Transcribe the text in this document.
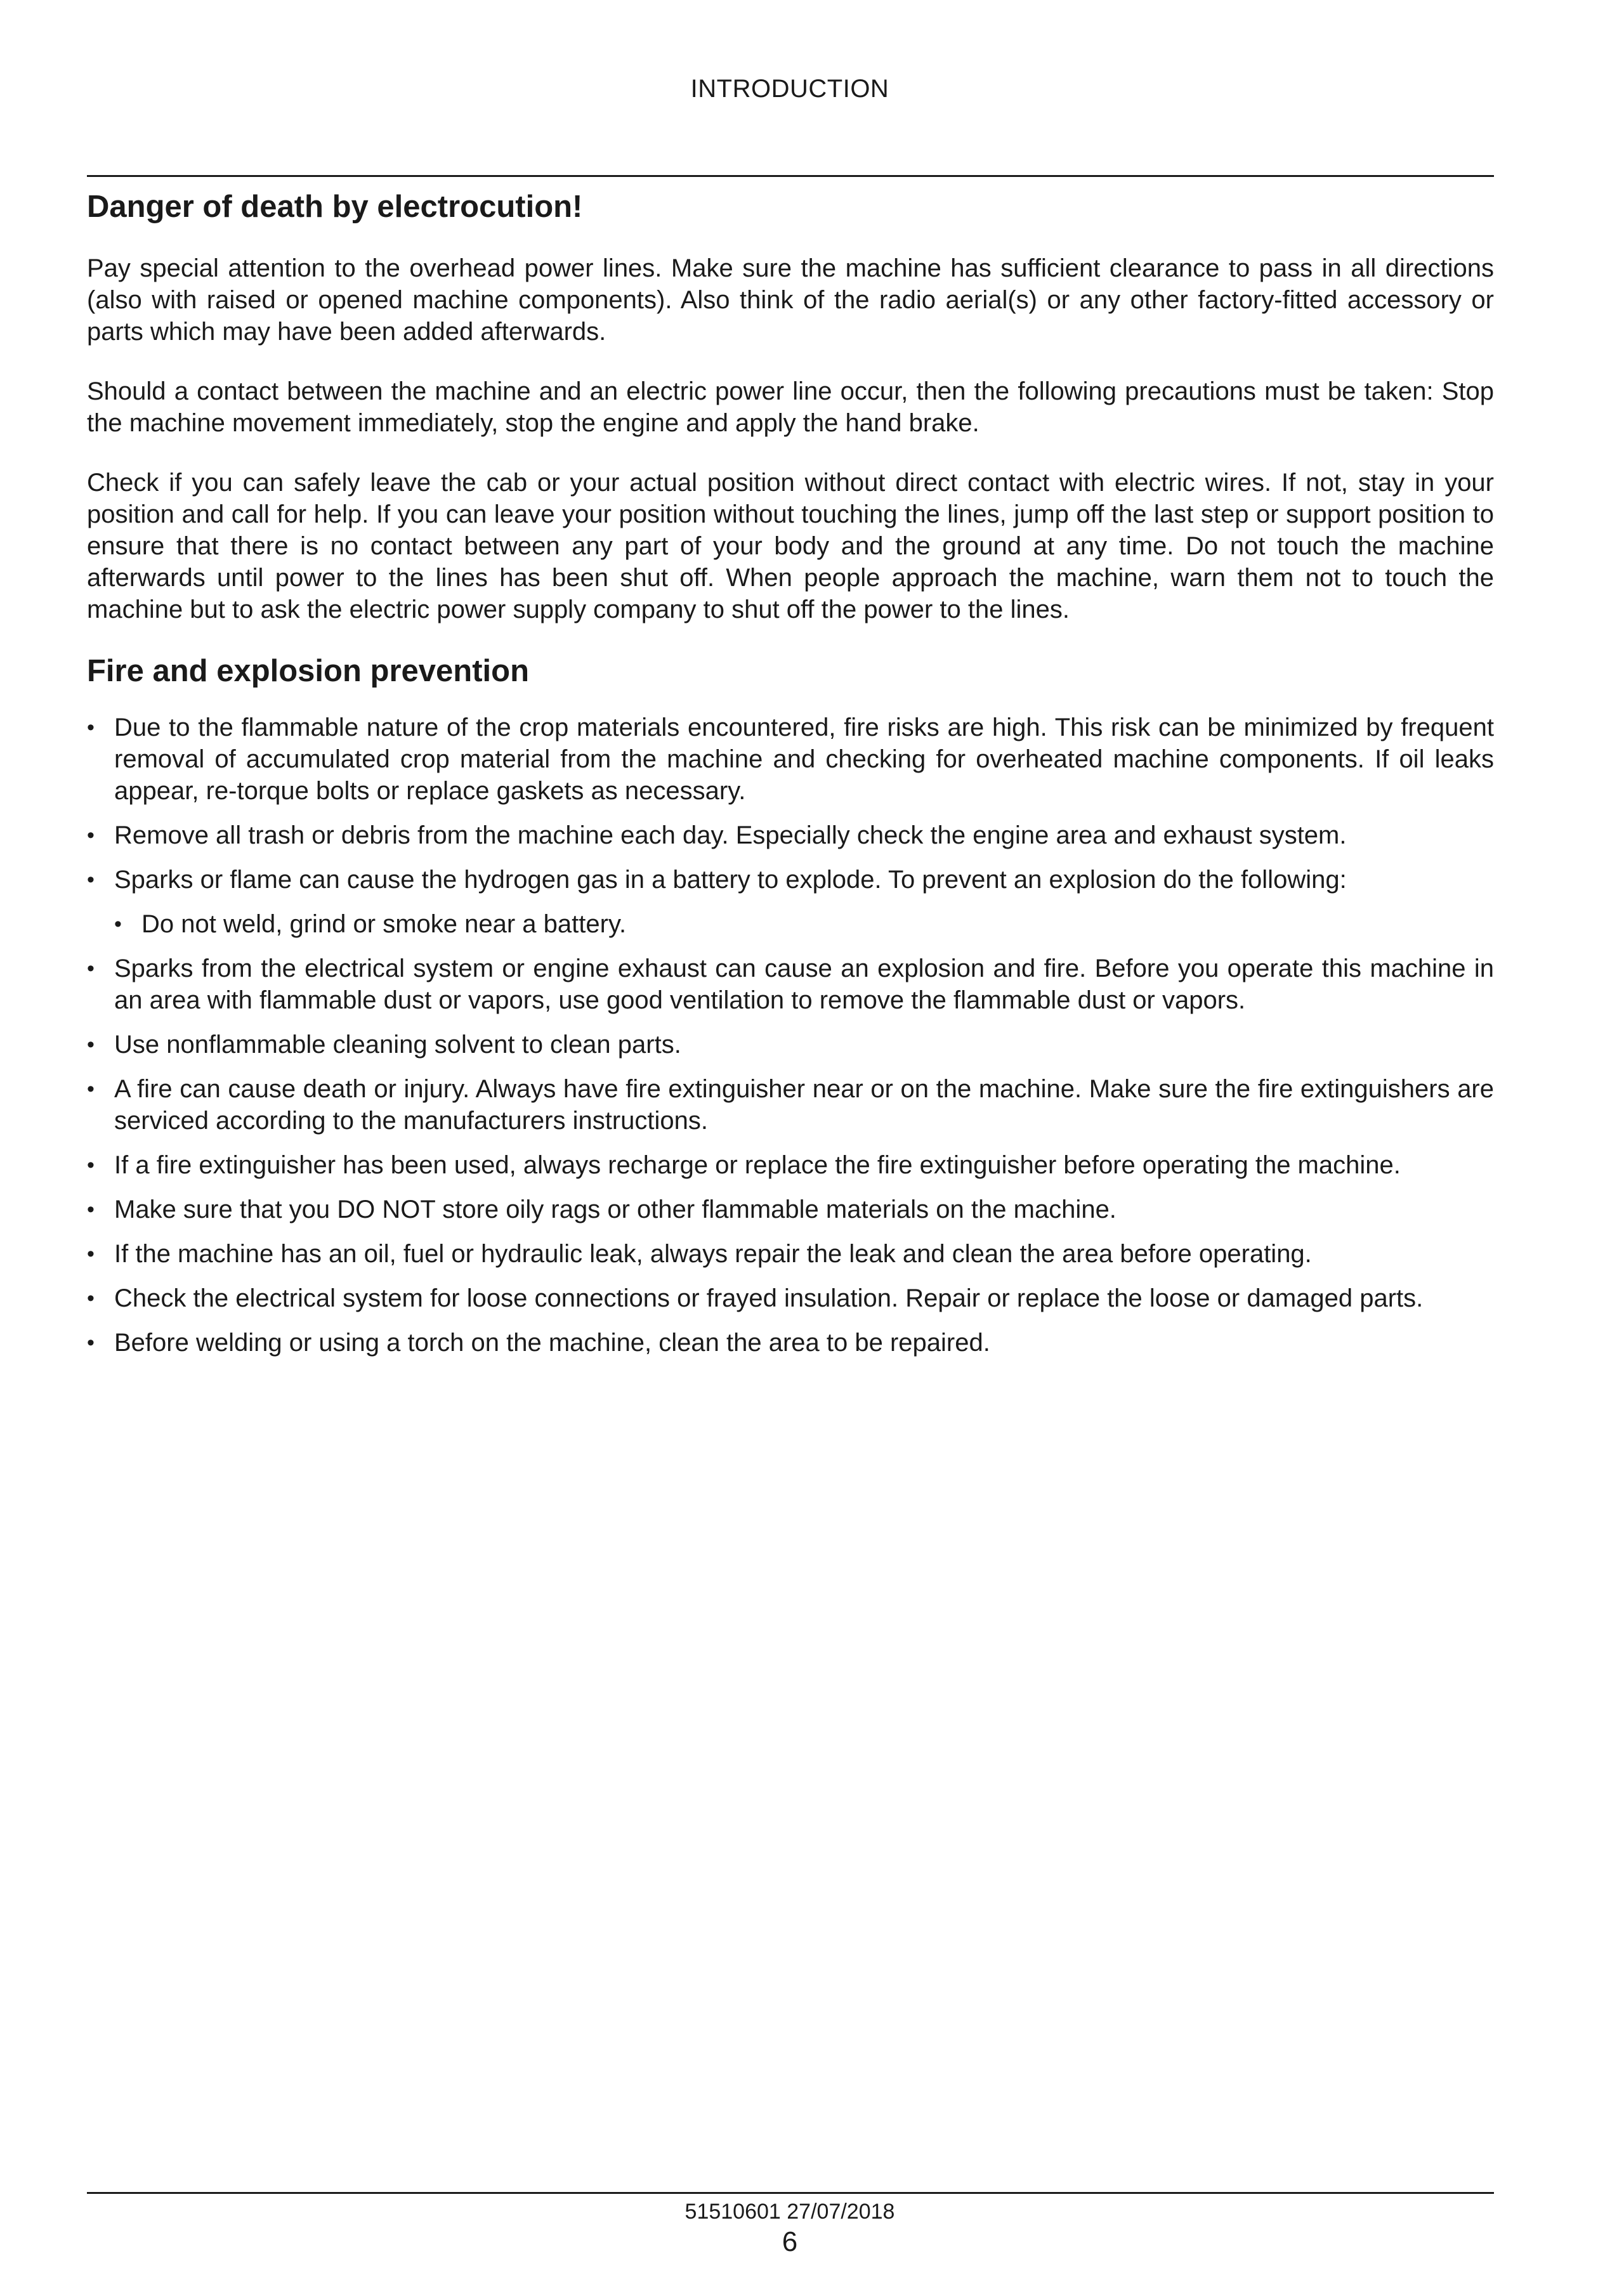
INTRODUCTION
Danger of death by electrocution!

Pay special attention to the overhead power lines. Make sure the machine has sufficient clearance to pass in all directions (also with raised or opened machine components). Also think of the radio aerial(s) or any other factory-fitted accessory or parts which may have been added afterwards.

Should a contact between the machine and an electric power line occur, then the following precautions must be taken: Stop the machine movement immediately, stop the engine and apply the hand brake.

Check if you can safely leave the cab or your actual position without direct contact with electric wires. If not, stay in your position and call for help. If you can leave your position without touching the lines, jump off the last step or support position to ensure that there is no contact between any part of your body and the ground at any time. Do not touch the machine afterwards until power to the lines has been shut off. When people approach the machine, warn them not to touch the machine but to ask the electric power supply company to shut off the power to the lines.

Fire and explosion prevention
• Due to the flammable nature of the crop materials encountered, fire risks are high. This risk can be minimized by frequent removal of accumulated crop material from the machine and checking for overheated machine components. If oil leaks appear, re-torque bolts or replace gaskets as necessary.
• Remove all trash or debris from the machine each day. Especially check the engine area and exhaust system.
• Sparks or flame can cause the hydrogen gas in a battery to explode. To prevent an explosion do the following:
• Do not weld, grind or smoke near a battery.
• Sparks from the electrical system or engine exhaust can cause an explosion and fire. Before you operate this machine in an area with flammable dust or vapors, use good ventilation to remove the flammable dust or vapors.
• Use nonflammable cleaning solvent to clean parts.
• A fire can cause death or injury. Always have fire extinguisher near or on the machine. Make sure the fire extinguishers are serviced according to the manufacturers instructions.
• If a fire extinguisher has been used, always recharge or replace the fire extinguisher before operating the machine.
• Make sure that you DO NOT store oily rags or other flammable materials on the machine.
• If the machine has an oil, fuel or hydraulic leak, always repair the leak and clean the area before operating.
• Check the electrical system for loose connections or frayed insulation. Repair or replace the loose or damaged parts.
• Before welding or using a torch on the machine, clean the area to be repaired.
51510601 27/07/2018
6
